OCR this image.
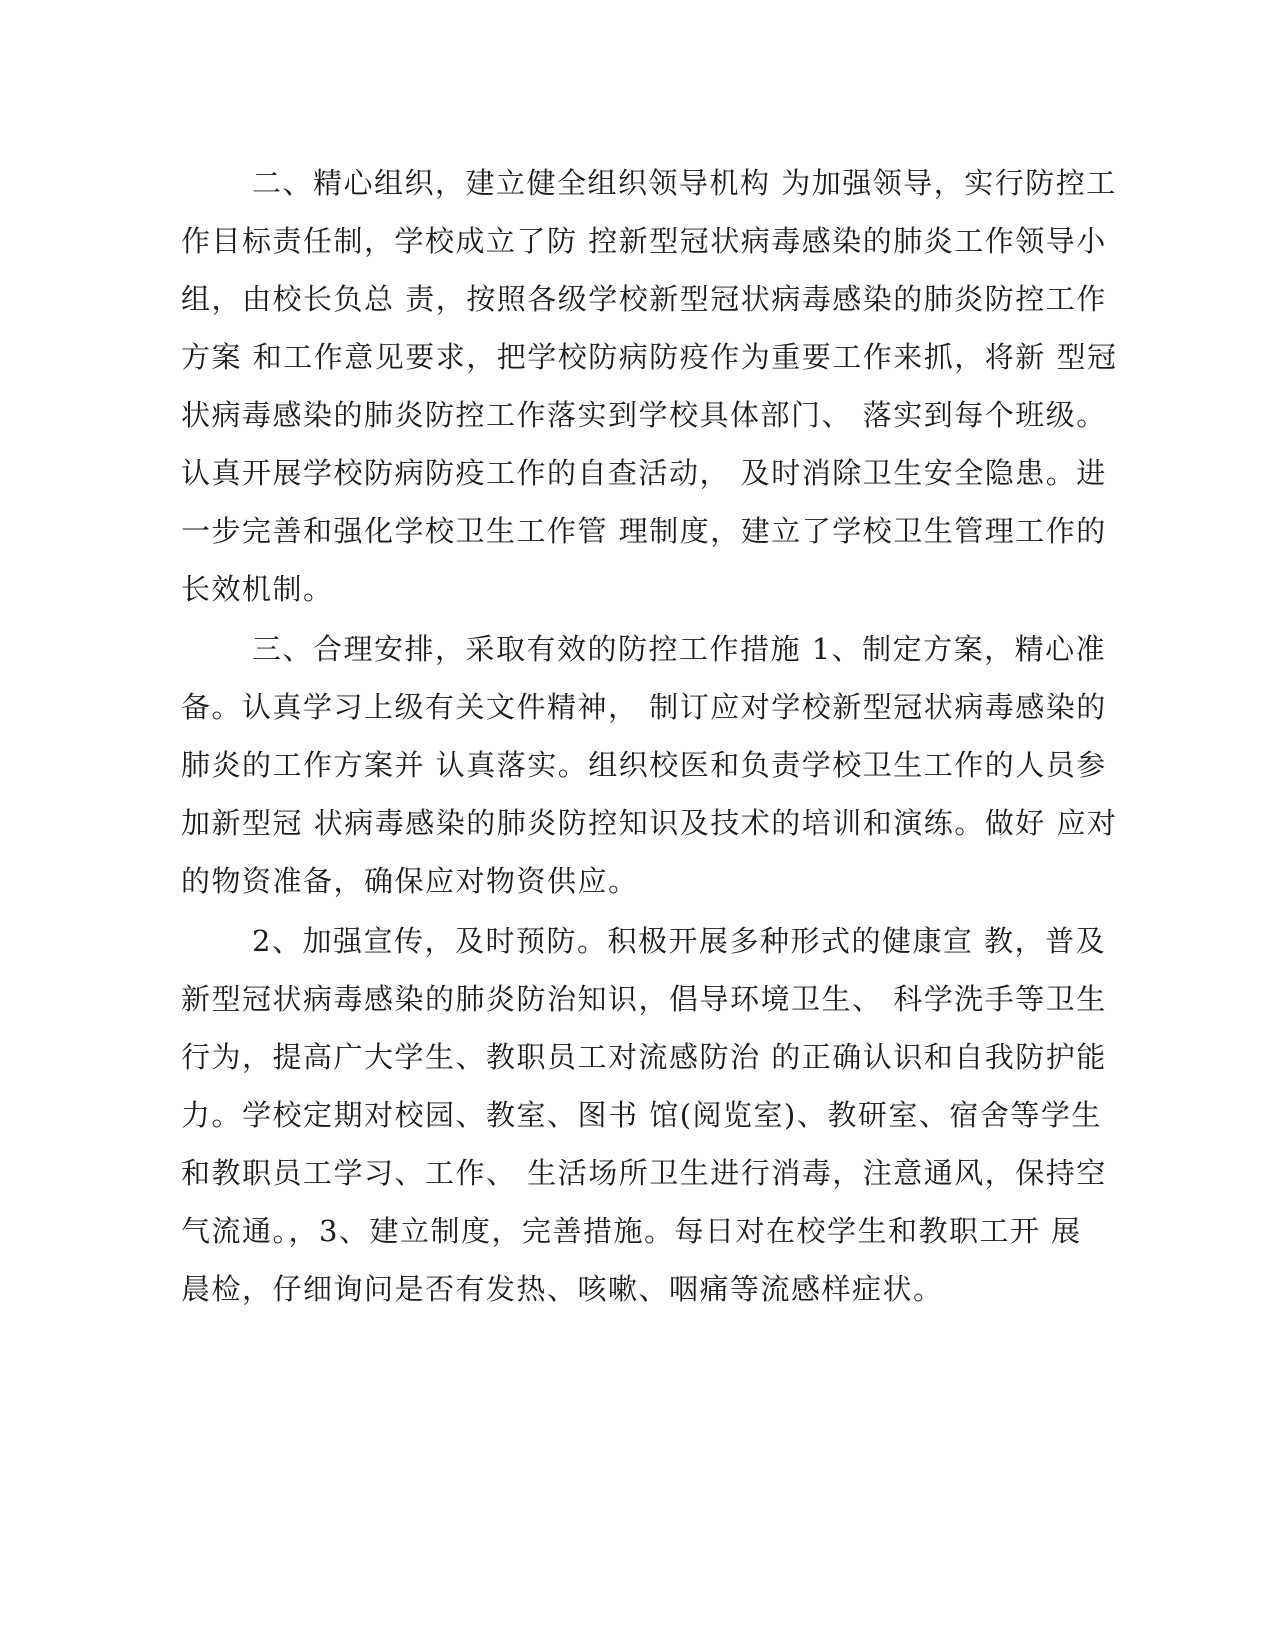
二、精心组织，建立健全组织领导机构 为加强领导，实行防控工
作目标责任制，学校成立了防 控新型冠状病毒感染的肺炎工作领导小
组，由校长负总 责，按照各级学校新型冠状病毒感染的肺炎防控工作
方案 和工作意见要求，把学校防病防疫作为重要工作来抓，将新 型冠
状病毒感染的肺炎防控工作落实到学校具体部门、 落实到每个班级。
认真开展学校防病防疫工作的自查活动， 及时消除卫生安全隐患。进
一步完善和强化学校卫生工作管 理制度，建立了学校卫生管理工作的
长效机制。
三、合理安排，采取有效的防控工作措施 1、制定方案，精心准
备。认真学习上级有关文件精神， 制订应对学校新型冠状病毒感染的
肺炎的工作方案并 认真落实。组织校医和负责学校卫生工作的人员参
加新型冠 状病毒感染的肺炎防控知识及技术的培训和演练。做好 应对
的物资准备，确保应对物资供应。
2、加强宣传，及时预防。积极开展多种形式的健康宣 教，普及
新型冠状病毒感染的肺炎防治知识，倡导环境卫生、 科学洗手等卫生
行为，提高广大学生、教职员工对流感防治 的正确认识和自我防护能
力。学校定期对校园、教室、图书 馆(阅览室)、教研室、宿舍等学生
和教职员工学习、工作、 生活场所卫生进行消毒，注意通风，保持空
气流通。，3、建立制度，完善措施。每日对在校学生和教职工开 展
晨检，仔细询问是否有发热、咳嗽、咽痛等流感样症状。
